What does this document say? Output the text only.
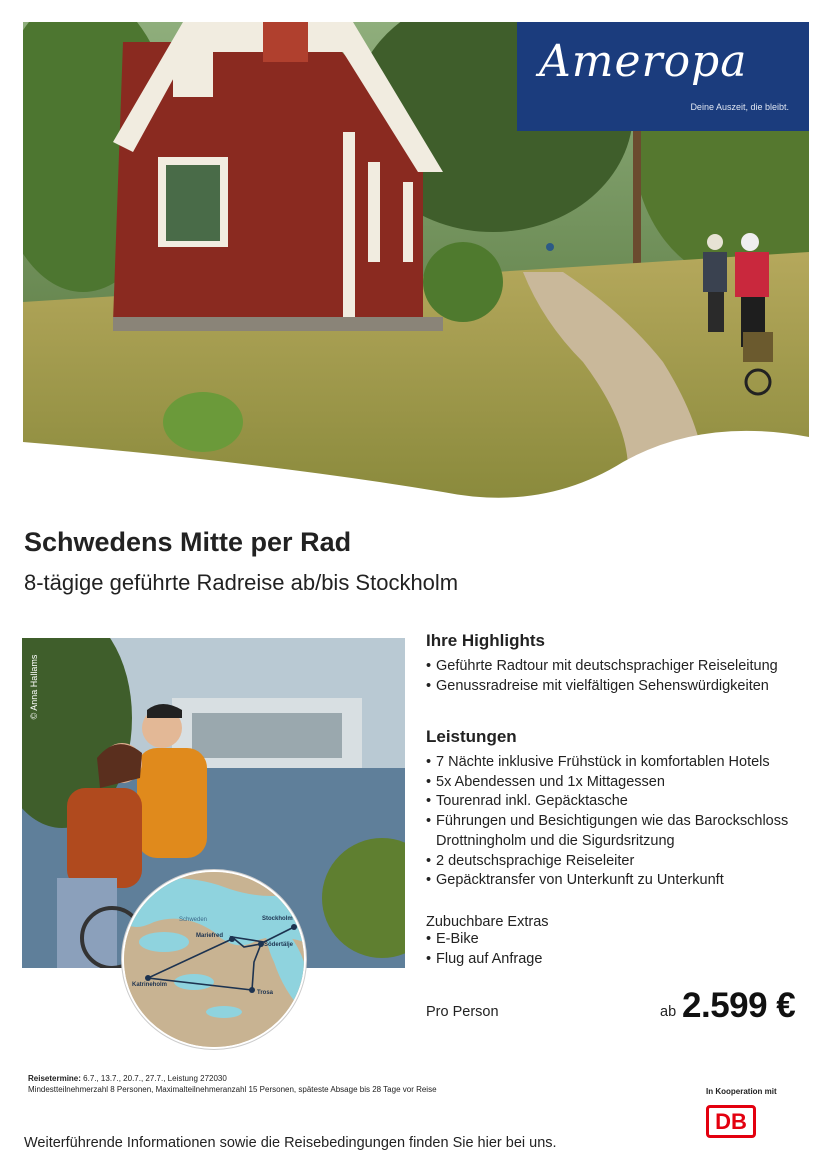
Ameropa
Deine Auszeit, die bleibt.
Schwedens Mitte per Rad
8-tägige geführte Radreise ab/bis Stockholm
© Anna Hallams
Schweden	Stockholm
Mariefred
Södertälje
Katrineholm
Trosa
Ihre Highlights
• Geführte Radtour mit deutschsprachiger Reiseleitung
• Genussradreise mit vielfältigen Sehenswürdigkeiten
Leistungen
• 7 Nächte inklusive Frühstück in komfortablen Hotels
• 5x Abendessen und 1x Mittagessen
• Tourenrad inkl. Gepäcktasche
• Führungen und Besichtigungen wie das Barockschloss
Drottningholm und die Sigurdsritzung
• 2 deutschsprachige Reiseleiter
• Gepäcktransfer von Unterkunft zu Unterkunft
Zubuchbare Extras
• E-Bike
• Flug auf Anfrage
Pro Person	ab 2.599 €
Reisetermine: 6.7., 13.7., 20.7., 27.7., Leistung 272030
Mindestteilnehmerzahl 8 Personen, Maximalteilnehmeranzahl 15 Personen, späteste Absage bis 28 Tage vor Reise	In Kooperation mit
DB
Weiterführende Informationen sowie die Reisebedingungen finden Sie hier bei uns.
